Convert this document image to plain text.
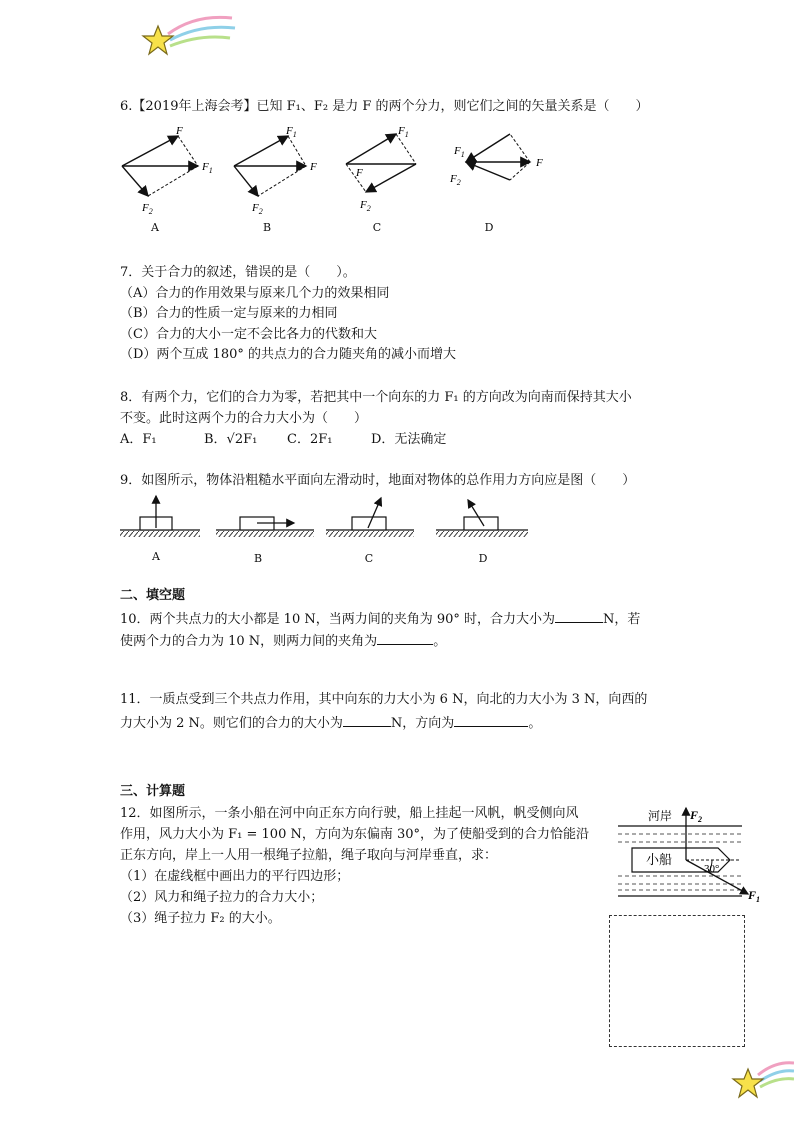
6.【2019年上海会考】已知 F₁、F₂ 是力 F 的两个分力，则它们之间的矢量关系是（　　）
F
$F_1$
$F_2$
$F_1$
F
$F_2$
$F_1$
F
$F_2$
$F_1$
F
$F_2$
A	B	C	D
7．关于合力的叙述，错误的是（　　）。
（A）合力的作用效果与原来几个力的效果相同
（B）合力的性质一定与原来的力相同
（C）合力的大小一定不会比各力的代数和大
（D）两个互成 180° 的共点力的合力随夹角的减小而增大
8．有两个力，它们的合力为零，若把其中一个向东的力 F₁ 的方向改为向南而保持其大小
不变。此时这两个力的合力大小为（　　）
A．F₁	B．√2F₁ C．2F₁	D．无法确定
9．如图所示，物体沿粗糙水平面向左滑动时，地面对物体的总作用力方向应是图（　　）
A	B	C	D
二、填空题
10．两个共点力的大小都是 10 N，当两力间的夹角为 90° 时，合力大小为	N，若
使两个力的合力为 10 N，则两力间的夹角为	。
11．一质点受到三个共点力作用，其中向东的力大小为 6 N，向北的力大小为 3 N，向西的
力大小为 2 N。则它们的合力的大小为	N，方向为	。
三、计算题
12．如图所示，一条小船在河中向正东方向行驶，船上挂起一风帆，帆受侧向风
作用，风力大小为 F₁ = 100 N，方向为东偏南 30°，为了使船受到的合力恰能沿
正东方向，岸上一人用一根绳子拉船，绳子取向与河岸垂直，求：
（1）在虚线框中画出力的平行四边形；
（2）风力和绳子拉力的合力大小；
（3）绳子拉力 F₂ 的大小。
河岸 $F_2$
小船
30°
$F_1$
